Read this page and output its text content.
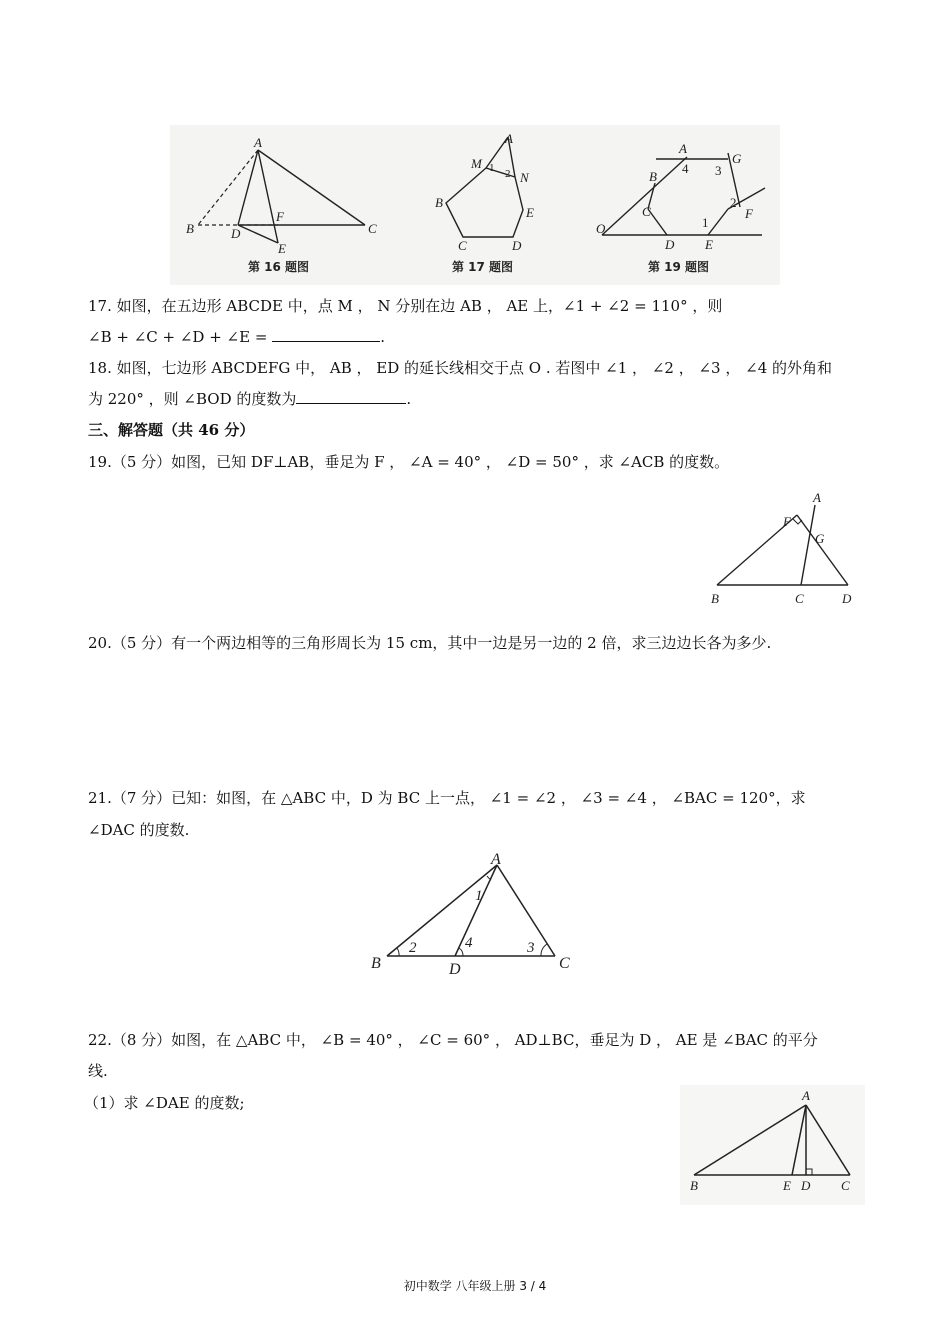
A
B	D
F
E
C
第 16 题图
A
M
N
1 2
B
E
C	D
第 17 题图
A
G
4 3
B
C
2
F
1
O
D E
第 19 题图
17. 如图，在五边形 ABCDE 中，点 M ， N 分别在边 AB ， AE 上，∠1 + ∠2 = 110° ，则
∠B + ∠C + ∠D + ∠E =	.
18. 如图，七边形 ABCDEFG 中， AB ， ED 的延长线相交于点 O . 若图中 ∠1 ， ∠2 ， ∠3 ， ∠4 的外角和
为 220° ，则 ∠BOD 的度数为	.
三、解答题（共 46 分）
19.（5 分）如图，已知 DF⊥AB，垂足为 F ， ∠A = 40° ， ∠D = 50° ，求 ∠ACB 的度数。
A
F
G
B	C	D
20.（5 分）有一个两边相等的三角形周长为 15 cm，其中一边是另一边的 2 倍，求三边边长各为多少.
21.（7 分）已知：如图，在 △ABC 中，D 为 BC 上一点， ∠1 = ∠2 ， ∠3 = ∠4 ， ∠BAC = 120°，求
∠DAC 的度数.
A
B	D	C
1
2	3
4
22.（8 分）如图，在 △ABC 中， ∠B = 40° ， ∠C = 60° ， AD⊥BC，垂足为 D ， AE 是 ∠BAC 的平分
线.
（1）求 ∠DAE 的度数;	A
B	E D C
初中数学 八年级上册 3 / 4
